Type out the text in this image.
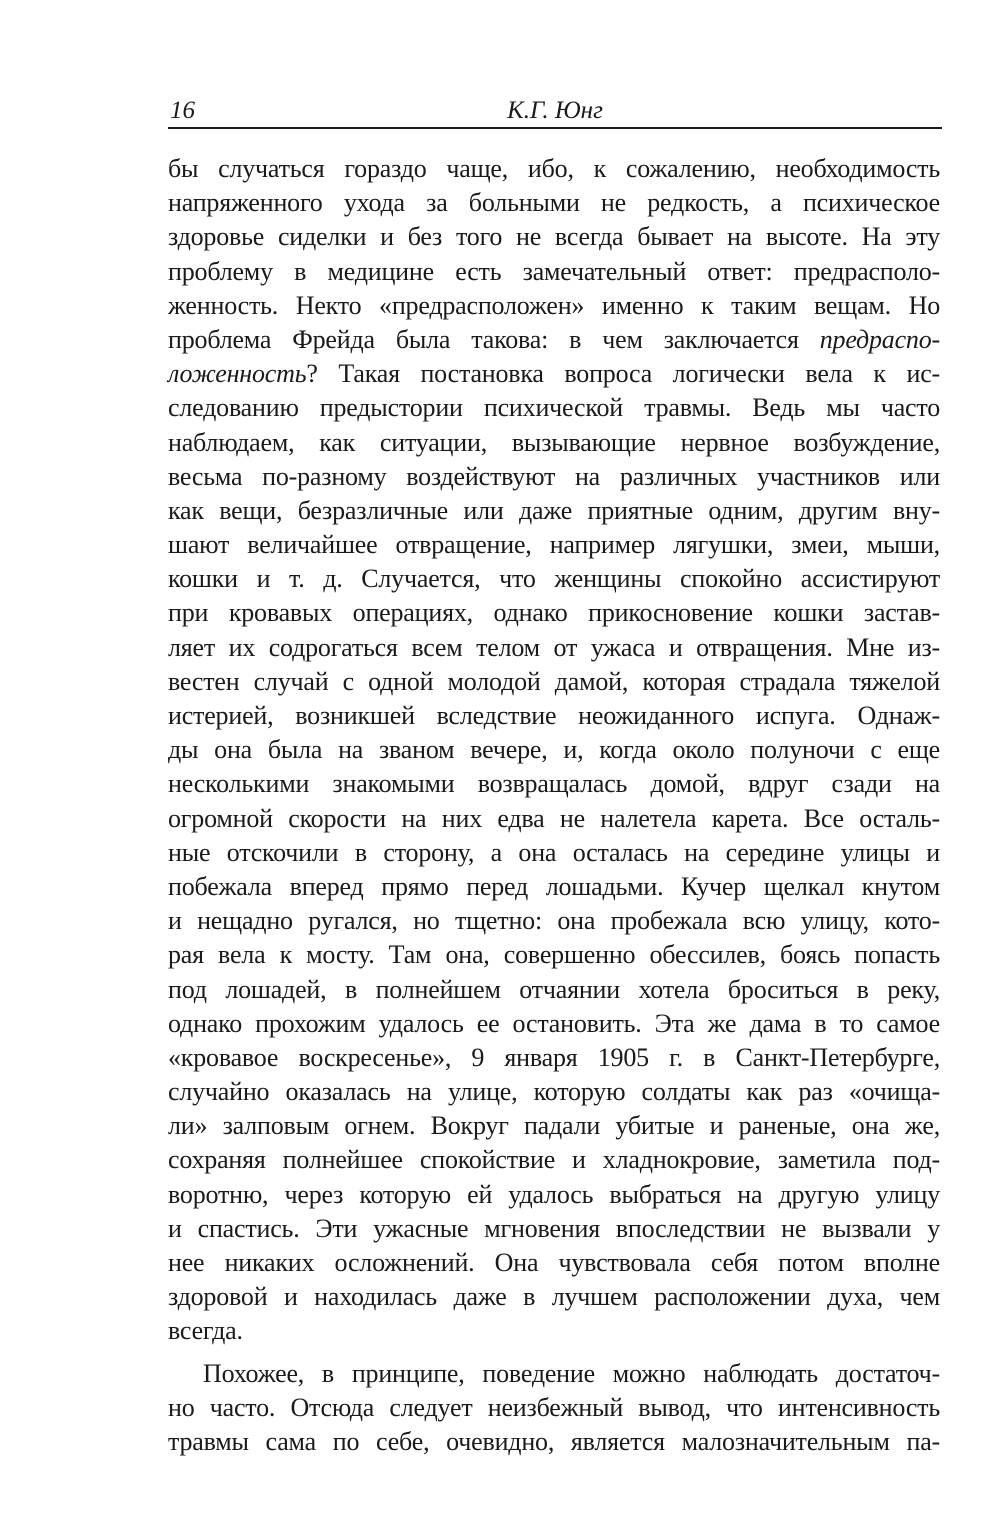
16	К.Г. Юнг
бы случаться гораздо чаще, ибо, к сожалению, необходимость
напряженного ухода за больными не редкость, а психическое
здоровье сиделки и без того не всегда бывает на высоте. На эту
проблему в медицине есть замечательный ответ: предрасполо-
женность. Некто «предрасположен» именно к таким вещам. Но
проблема Фрейда была такова: в чем заключается предраспо-
ложенность? Такая постановка вопроса логически вела к ис-
следованию предыстории психической травмы. Ведь мы часто
наблюдаем, как ситуации, вызывающие нервное возбуждение,
весьма по-разному воздействуют на различных участников или
как вещи, безразличные или даже приятные одним, другим вну-
шают величайшее отвращение, например лягушки, змеи, мыши,
кошки и т. д. Случается, что женщины спокойно ассистируют
при кровавых операциях, однако прикосновение кошки застав-
ляет их содрогаться всем телом от ужаса и отвращения. Мне из-
вестен случай с одной молодой дамой, которая страдала тяжелой
истерией, возникшей вследствие неожиданного испуга. Однаж-
ды она была на званом вечере, и, когда около полуночи с еще
несколькими знакомыми возвращалась домой, вдруг сзади на
огромной скорости на них едва не налетела карета. Все осталь-
ные отскочили в сторону, а она осталась на середине улицы и
побежала вперед прямо перед лошадьми. Кучер щелкал кнутом
и нещадно ругался, но тщетно: она пробежала всю улицу, кото-
рая вела к мосту. Там она, совершенно обессилев, боясь попасть
под лошадей, в полнейшем отчаянии хотела броситься в реку,
однако прохожим удалось ее остановить. Эта же дама в то самое
«кровавое воскресенье», 9 января 1905 г. в Санкт-Петербурге,
случайно оказалась на улице, которую солдаты как раз «очища-
ли» залповым огнем. Вокруг падали убитые и раненые, она же,
сохраняя полнейшее спокойствие и хладнокровие, заметила под-
воротню, через которую ей удалось выбраться на другую улицу
и спастись. Эти ужасные мгновения впоследствии не вызвали у
нее никаких осложнений. Она чувствовала себя потом вполне
здоровой и находилась даже в лучшем расположении духа, чем
всегда.
Похожее, в принципе, поведение можно наблюдать достаточ-
но часто. Отсюда следует неизбежный вывод, что интенсивность
травмы сама по себе, очевидно, является малозначительным па-
